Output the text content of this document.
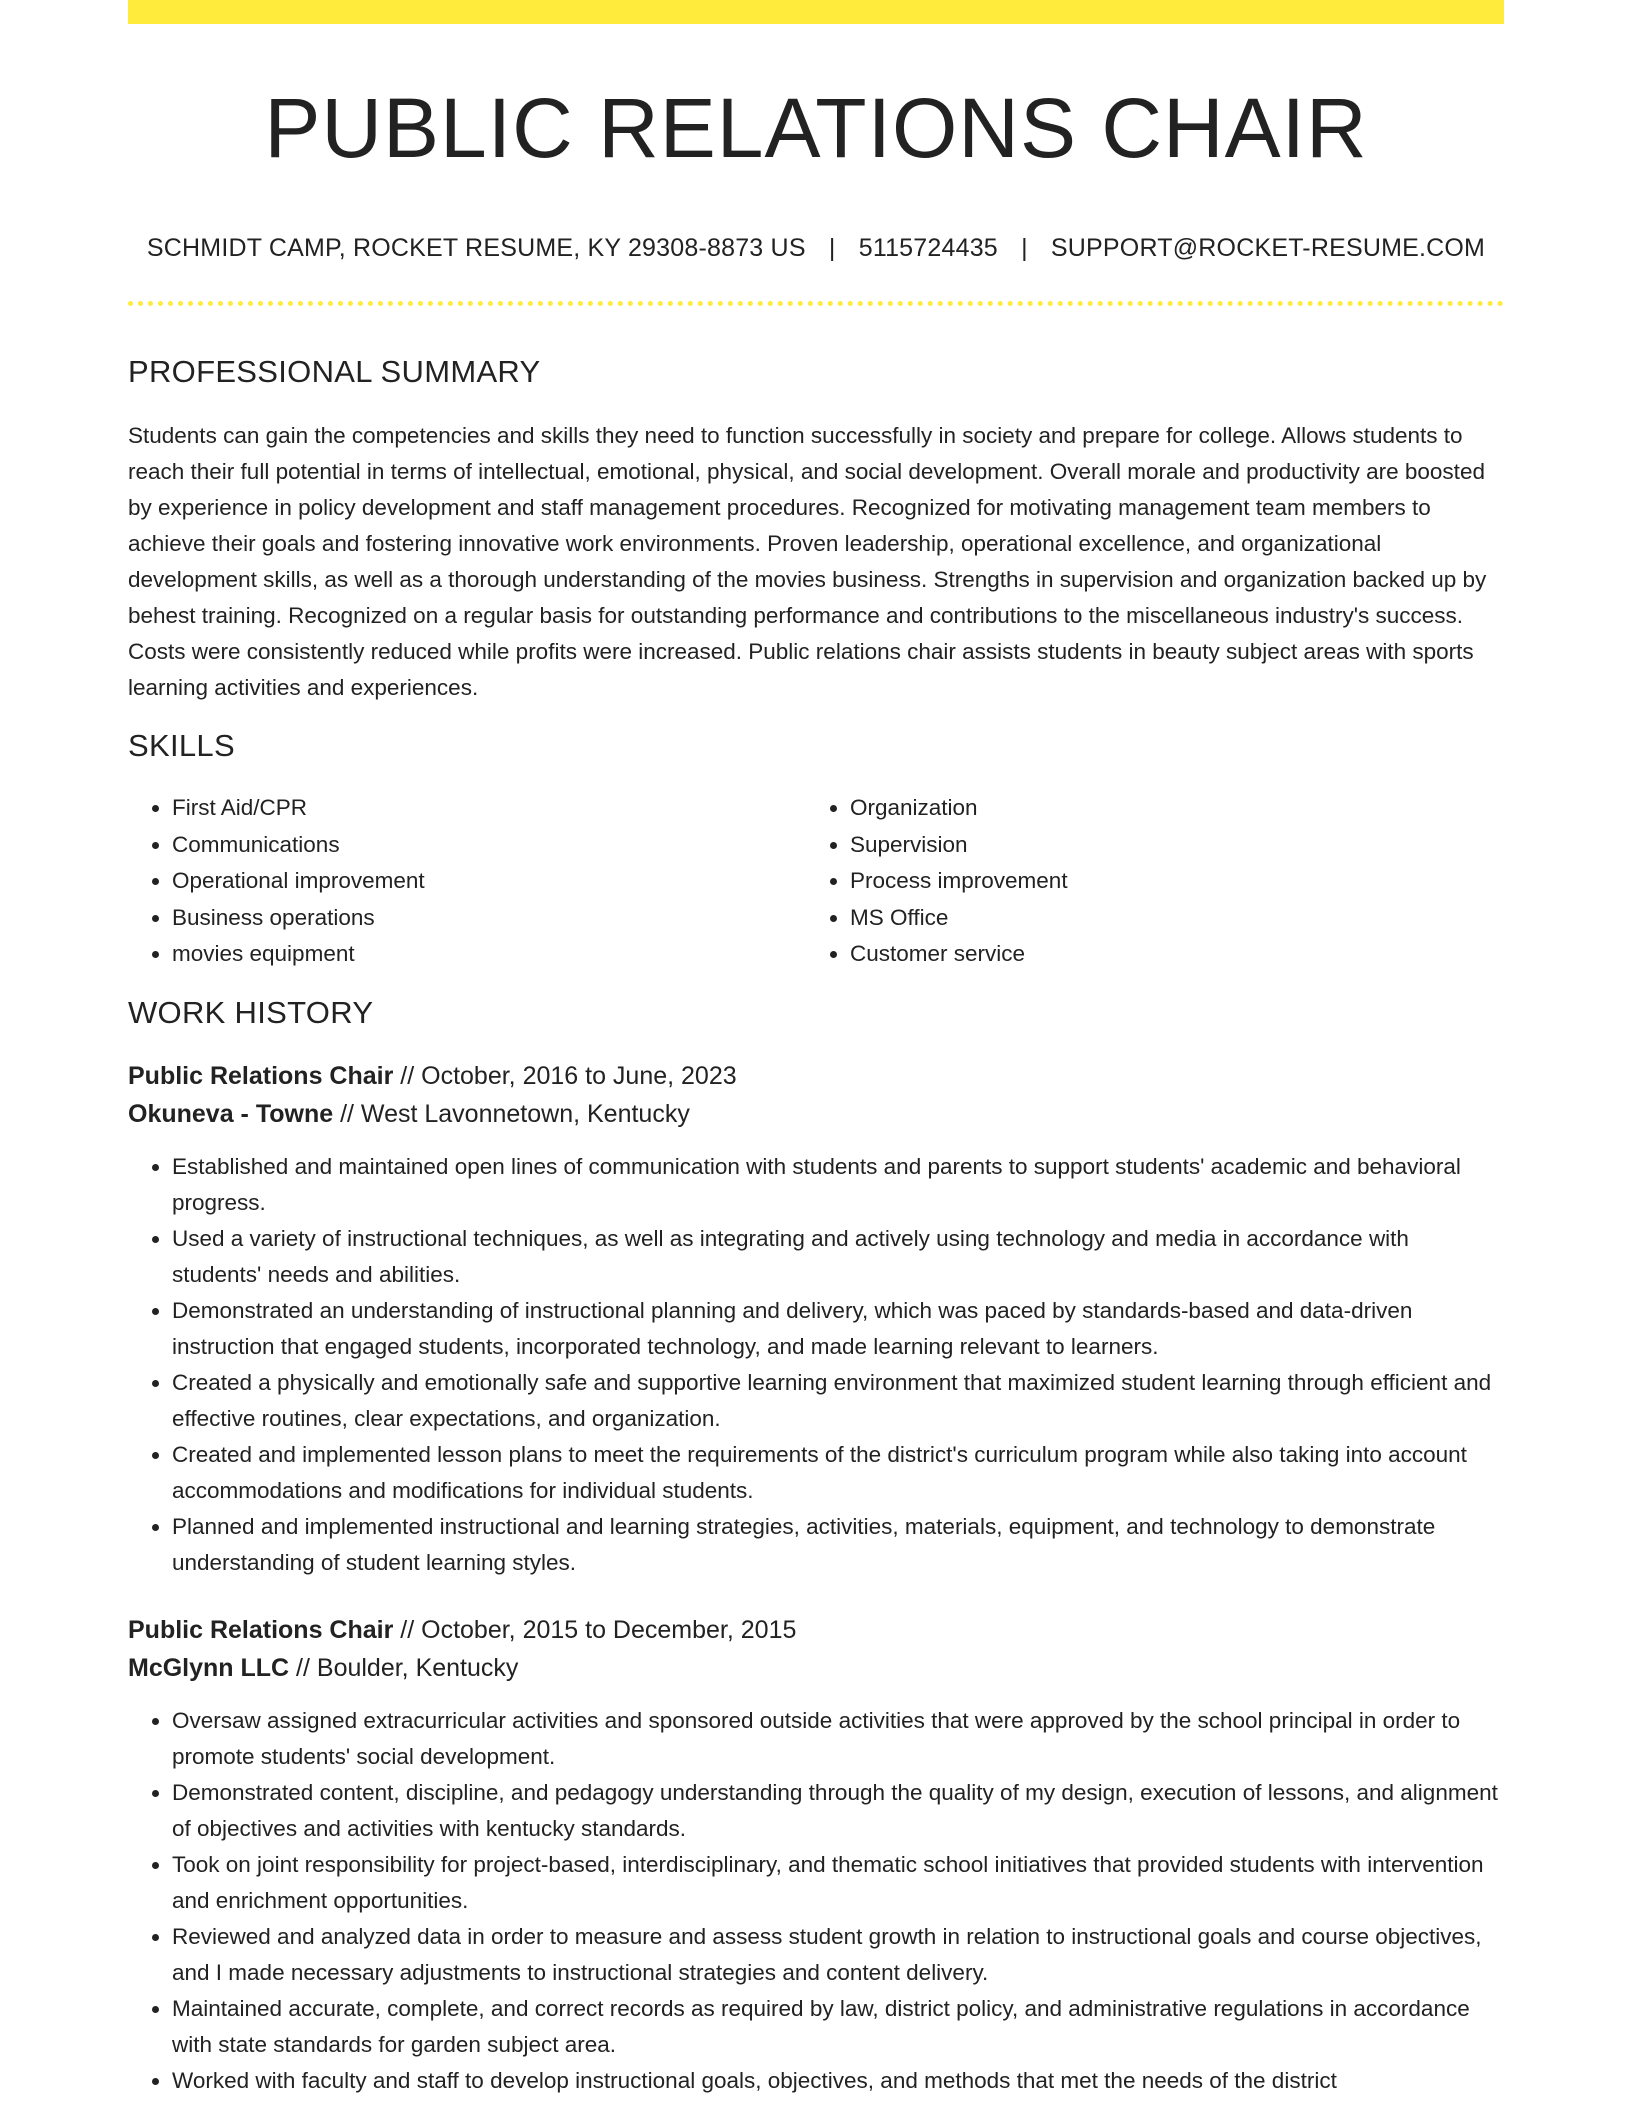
PUBLIC RELATIONS CHAIR
SCHMIDT CAMP, ROCKET RESUME, KY 29308-8873 US | 5115724435 | SUPPORT@ROCKET-RESUME.COM
PROFESSIONAL SUMMARY

Students can gain the competencies and skills they need to function successfully in society and prepare for college. Allows students to reach their full potential in terms of intellectual, emotional, physical, and social development. Overall morale and productivity are boosted by experience in policy development and staff management procedures. Recognized for motivating management team members to achieve their goals and fostering innovative work environments. Proven leadership, operational excellence, and organizational development skills, as well as a thorough understanding of the movies business. Strengths in supervision and organization backed up by behest training. Recognized on a regular basis for outstanding performance and contributions to the miscellaneous industry's success. Costs were consistently reduced while profits were increased. Public relations chair assists students in beauty subject areas with sports learning activities and experiences.

SKILLS
• First Aid/CPR
• Communications
• Operational improvement
• Business operations
• movies equipment
• Organization
• Supervision
• Process improvement
• MS Office
• Customer service
WORK HISTORY
Public Relations Chair // October, 2016 to June, 2023
Okuneva - Towne // West Lavonnetown, Kentucky
• Established and maintained open lines of communication with students and parents to support students' academic and behavioral progress.
• Used a variety of instructional techniques, as well as integrating and actively using technology and media in accordance with students' needs and abilities.
• Demonstrated an understanding of instructional planning and delivery, which was paced by standards-based and data-driven instruction that engaged students, incorporated technology, and made learning relevant to learners.
• Created a physically and emotionally safe and supportive learning environment that maximized student learning through efficient and effective routines, clear expectations, and organization.
• Created and implemented lesson plans to meet the requirements of the district's curriculum program while also taking into account accommodations and modifications for individual students.
• Planned and implemented instructional and learning strategies, activities, materials, equipment, and technology to demonstrate understanding of student learning styles.
Public Relations Chair // October, 2015 to December, 2015
McGlynn LLC // Boulder, Kentucky
• Oversaw assigned extracurricular activities and sponsored outside activities that were approved by the school principal in order to promote students' social development.
• Demonstrated content, discipline, and pedagogy understanding through the quality of my design, execution of lessons, and alignment of objectives and activities with kentucky standards.
• Took on joint responsibility for project-based, interdisciplinary, and thematic school initiatives that provided students with intervention and enrichment opportunities.
• Reviewed and analyzed data in order to measure and assess student growth in relation to instructional goals and course objectives, and I made necessary adjustments to instructional strategies and content delivery.
• Maintained accurate, complete, and correct records as required by law, district policy, and administrative regulations in accordance with state standards for garden subject area.
• Worked with faculty and staff to develop instructional goals, objectives, and methods that met the needs of the district
